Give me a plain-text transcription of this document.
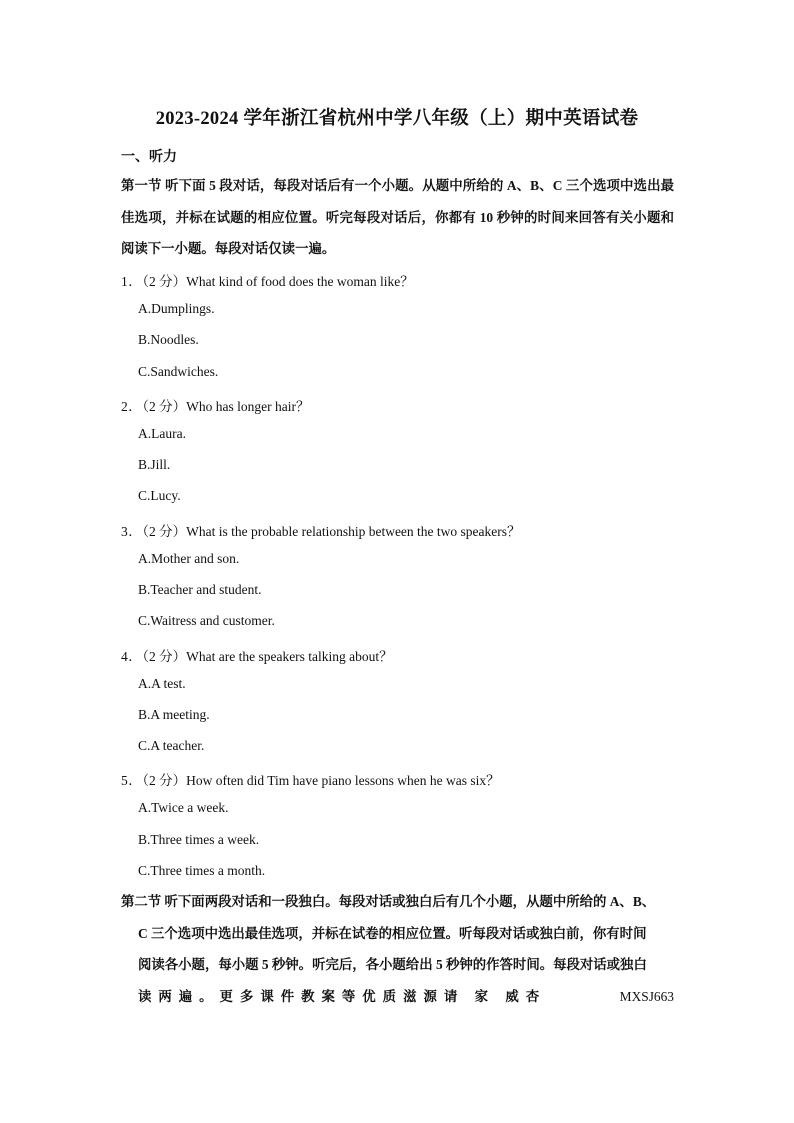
2023-2024 学年浙江省杭州中学八年级（上）期中英语试卷
一、听力
第一节 听下面 5 段对话，每段对话后有一个小题。从题中所给的 A、B、C 三个选项中选出最佳选项，并标在试题的相应位置。听完每段对话后，你都有 10 秒钟的时间来回答有关小题和阅读下一小题。每段对话仅读一遍。
1．（2 分）What kind of food does the woman like？
A.Dumplings.
B.Noodles.
C.Sandwiches.
2．（2 分）Who has longer hair？
A.Laura.
B.Jill.
C.Lucy.
3．（2 分）What is the probable relationship between the two speakers？
A.Mother and son.
B.Teacher and student.
C.Waitress and customer.
4．（2 分）What are the speakers talking about？
A.A test.
B.A meeting.
C.A teacher.
5．（2 分）How often did Tim have piano lessons when he was six？
A.Twice a week.
B.Three times a week.
C.Three times a month.
第二节 听下面两段对话和一段独白。每段对话或独白后有几个小题，从题中所给的 A、B、
C 三个选项中选出最佳选项，并标在试卷的相应位置。听每段对话或独白前，你有时间
阅读各小题，每小题 5 秒钟。听完后，各小题给出 5 秒钟的作答时间。每段对话或独白
读两遍。更多课件教案等优质滋源请 家 威杏	MXSJ663
